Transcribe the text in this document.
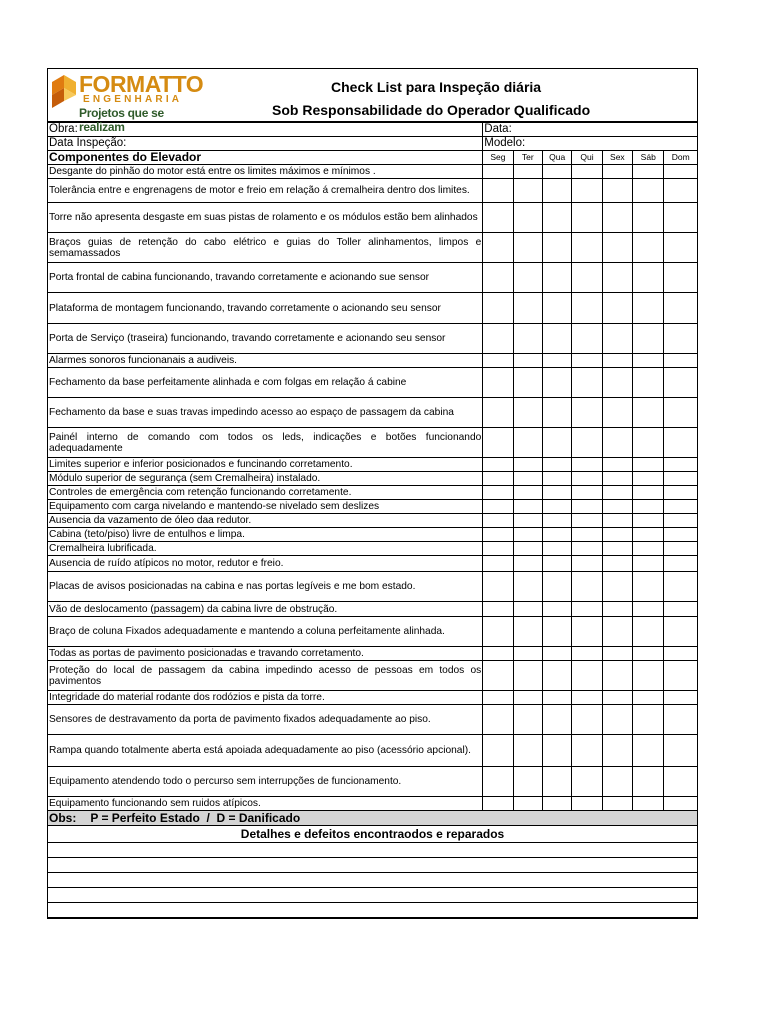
FORMATTO
ENGENHARIA
Projetos que se realizam
Check List para Inspeção diária
Sob Responsabilidade do Operador Qualificado
Obra:	Data:						
Data Inspeção:	Modelo:						
Componentes do Elevador	Seg	Ter	Qua	Qui	Sex	Sáb	Dom
Desgante do pinhão do motor está entre os limites máximos e mínimos .							
Tolerância entre e engrenagens de motor e freio em relação á cremalheira dentro dos limites.							
Torre não apresenta desgaste em suas pistas de rolamento e os módulos estão bem alinhados							
Braços guias de retenção do cabo elétrico e guias do Toller alinhamentos, limpos e semamassados							
Porta frontal de cabina funcionando, travando corretamente e acionando sue sensor							
Plataforma de montagem funcionando, travando corretamente o acionando seu sensor							
Porta de Serviço (traseira) funcionando, travando corretamente e acionando seu sensor							
Alarmes sonoros funcionanais a audiveis.							
Fechamento da base perfeitamente alinhada e com folgas em relação á cabine							
Fechamento da base e suas travas impedindo acesso ao espaço de passagem da cabina							
Painél interno de comando com todos os leds, indicações e botões funcionando adequadamente							
Limites superior e inferior posicionados e funcinando corretamento.							
Módulo superior de segurança (sem Cremalheira) instalado.							
Controles de emergência com retenção funcionando corretamente.							
Equipamento com carga nivelando e mantendo-se nivelado sem deslizes							
Ausencia da vazamento de óleo daa redutor.							
Cabina (teto/piso) livre de entulhos e limpa.							
Cremalheira lubrificada.							
Ausencia de ruído atípicos no motor, redutor e freio.							
Placas de avisos posicionadas na cabina e nas portas legíveis e me bom estado.							
Vão de deslocamento (passagem) da cabina livre de obstrução.							
Braço de coluna Fixados adequadamente e mantendo a coluna perfeitamente alinhada.							
Todas as portas de pavimento posicionadas e travando corretamento.							
Proteção do local de passagem da cabina impedindo acesso de pessoas em todos os pavimentos							
Integridade do material rodante dos rodózios e pista da torre.							
Sensores de destravamento da porta de pavimento fixados adequadamente ao piso.							
Rampa quando totalmente aberta está apoiada adequadamente ao piso (acessório apcional).							
Equipamento atendendo todo o percurso sem interrupções de funcionamento.							
Equipamento funcionando sem ruidos atípicos.							
Obs: P = Perfeito Estado  /  D = Danificado							
Detalhes e defeitos encontraodos e reparados							
